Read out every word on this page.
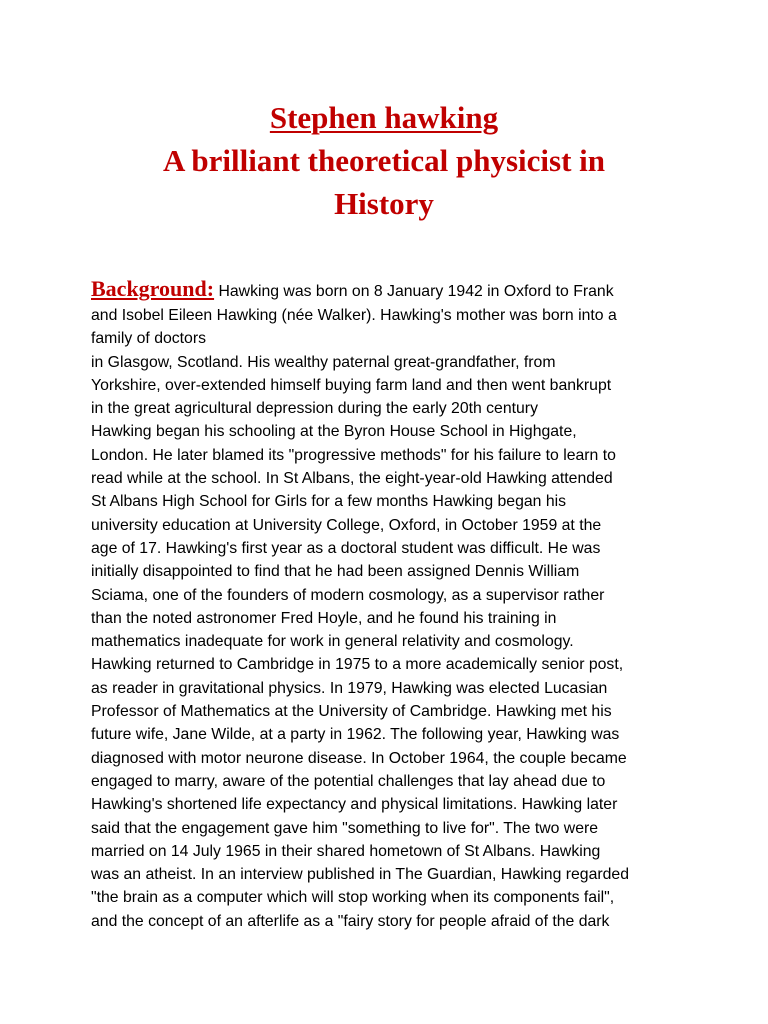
Stephen hawking
A brilliant theoretical physicist in
History
Background: Hawking was born on 8 January 1942 in Oxford to Frank
and Isobel Eileen Hawking (née Walker). Hawking's mother was born into a
family of doctors
in Glasgow, Scotland. His wealthy paternal great-grandfather, from
Yorkshire, over-extended himself buying farm land and then went bankrupt
in the great agricultural depression during the early 20th century
Hawking began his schooling at the Byron House School in Highgate,
London. He later blamed its "progressive methods" for his failure to learn to
read while at the school. In St Albans, the eight-year-old Hawking attended
St Albans High School for Girls for a few months Hawking began his
university education at University College, Oxford, in October 1959 at the
age of 17. Hawking's first year as a doctoral student was difficult. He was
initially disappointed to find that he had been assigned Dennis William
Sciama, one of the founders of modern cosmology, as a supervisor rather
than the noted astronomer Fred Hoyle, and he found his training in
mathematics inadequate for work in general relativity and cosmology.
Hawking returned to Cambridge in 1975 to a more academically senior post,
as reader in gravitational physics. In 1979, Hawking was elected Lucasian
Professor of Mathematics at the University of Cambridge. Hawking met his
future wife, Jane Wilde, at a party in 1962. The following year, Hawking was
diagnosed with motor neurone disease. In October 1964, the couple became
engaged to marry, aware of the potential challenges that lay ahead due to
Hawking's shortened life expectancy and physical limitations. Hawking later
said that the engagement gave him "something to live for". The two were
married on 14 July 1965 in their shared hometown of St Albans. Hawking
was an atheist. In an interview published in The Guardian, Hawking regarded
"the brain as a computer which will stop working when its components fail",
and the concept of an afterlife as a "fairy story for people afraid of the dark
